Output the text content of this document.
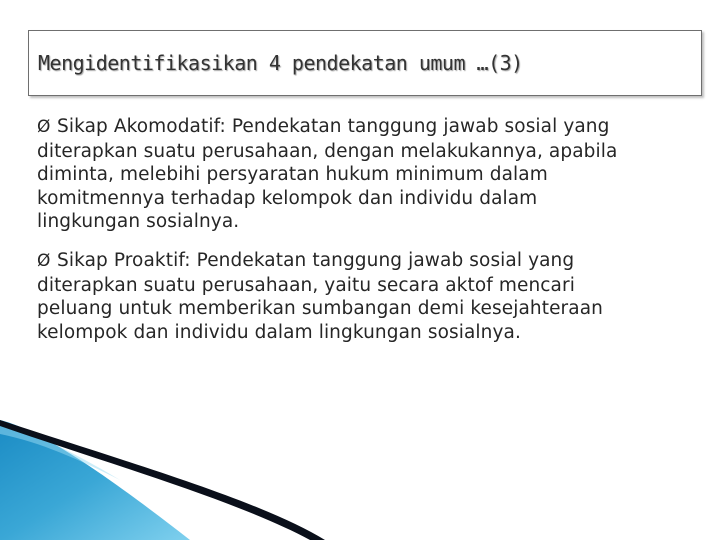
Mengidentifikasikan 4 pendekatan umum …(3)

Ø Sikap Akomodatif: Pendekatan tanggung jawab sosial yang
diterapkan suatu perusahaan, dengan melakukannya, apabila
diminta, melebihi persyaratan hukum minimum dalam
komitmennya terhadap kelompok dan individu dalam
lingkungan sosialnya.

Ø Sikap Proaktif: Pendekatan tanggung jawab sosial yang
diterapkan suatu perusahaan, yaitu secara aktof mencari
peluang untuk memberikan sumbangan demi kesejahteraan
kelompok dan individu dalam lingkungan sosialnya.
